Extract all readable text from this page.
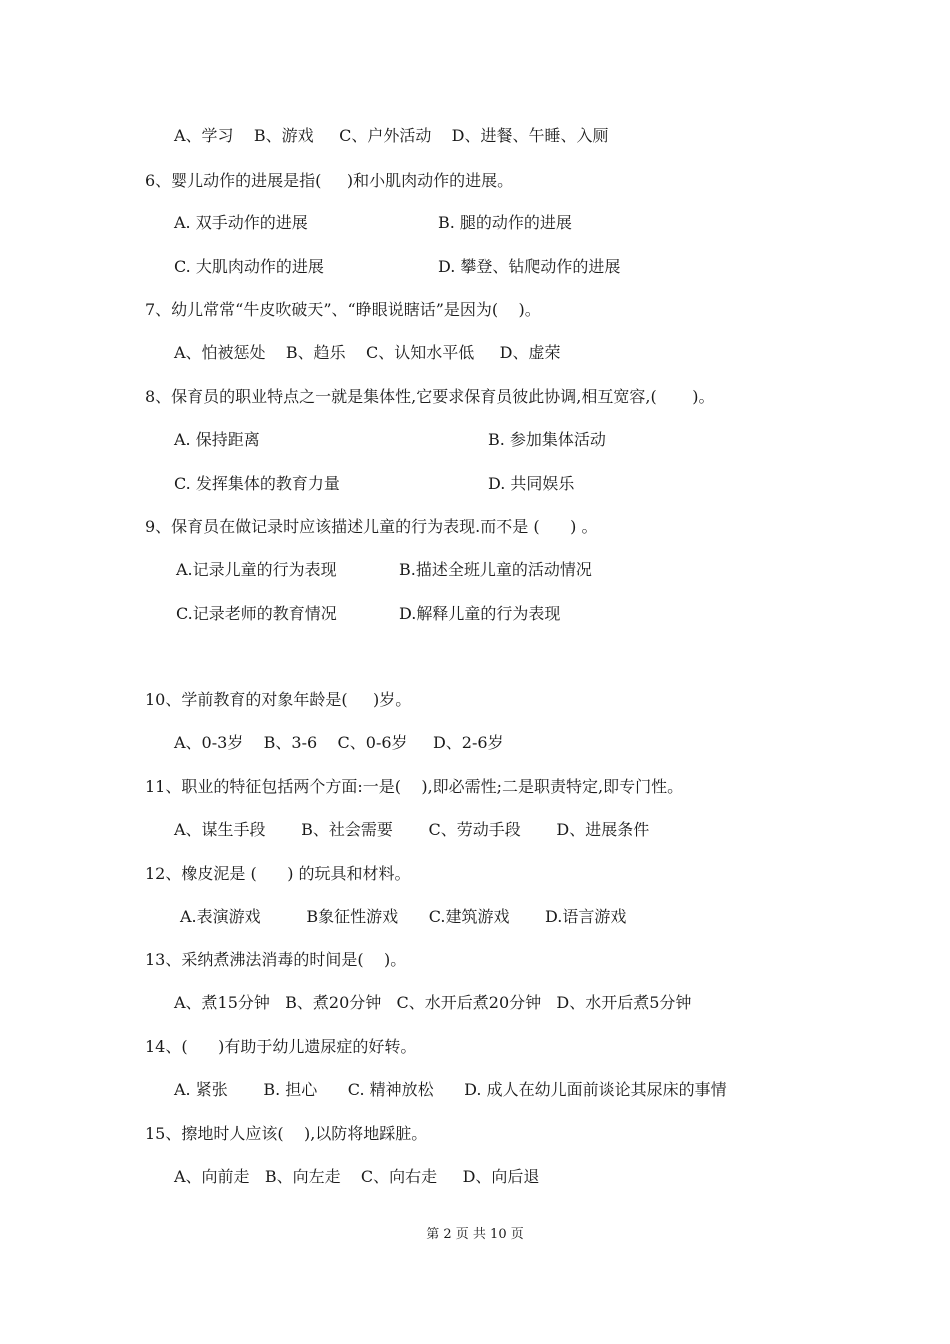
A、学习    B、游戏     C、户外活动    D、进餐、午睡、入厕
6、婴儿动作的进展是指(     )和小肌肉动作的进展。
A. 双手动作的进展	B. 腿的动作的进展
C. 大肌肉动作的进展	D. 攀登、钻爬动作的进展
7、幼儿常常“牛皮吹破天”、“睁眼说瞎话”是因为(    )。
A、怕被惩处    B、趋乐    C、认知水平低     D、虚荣
8、保育员的职业特点之一就是集体性,它要求保育员彼此协调,相互宽容,(       )。
A. 保持距离	B. 参加集体活动
C. 发挥集体的教育力量	D. 共同娱乐
9、保育员在做记录时应该描述儿童的行为表现.而不是 (      ) 。
A.记录儿童的行为表现	B.描述全班儿童的活动情况
C.记录老师的教育情况	D.解释儿童的行为表现
10、学前教育的对象年龄是(     )岁。
A、0-3岁    B、3-6    C、0-6岁     D、2-6岁
11、职业的特征包括两个方面:一是(    ),即必需性;二是职责特定,即专门性。
A、谋生手段       B、社会需要       C、劳动手段       D、进展条件
12、橡皮泥是 (      ) 的玩具和材料。
A.表演游戏         B象征性游戏      C.建筑游戏       D.语言游戏
13、采纳煮沸法消毒的时间是(    )。
A、煮15分钟   B、煮20分钟   C、水开后煮20分钟   D、水开后煮5分钟
14、(      )有助于幼儿遗尿症的好转。
A. 紧张       B. 担心      C. 精神放松      D. 成人在幼儿面前谈论其尿床的事情
15、擦地时人应该(    ),以防将地踩脏。
A、向前走   B、向左走    C、向右走     D、向后退
第 2 页 共 10 页
